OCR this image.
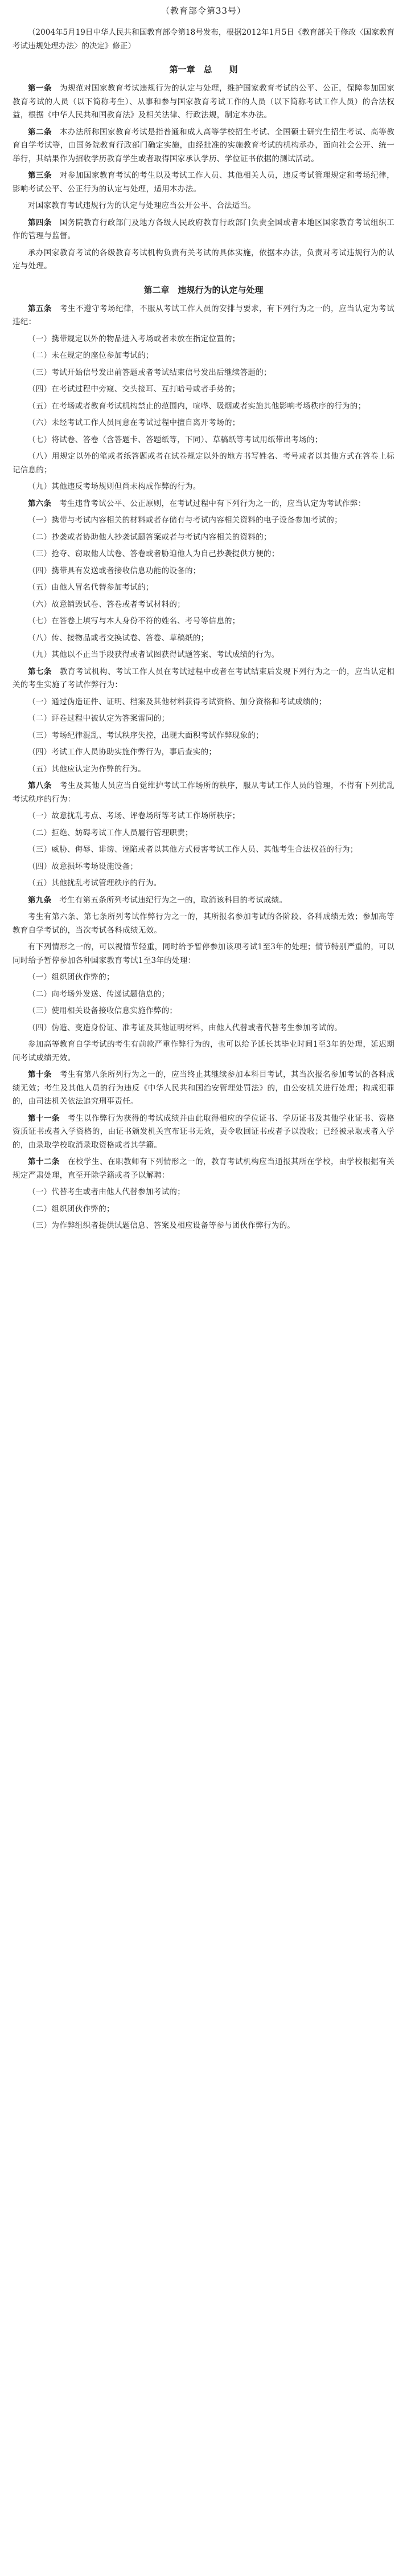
（教育部令第33号）
（2004年5月19日中华人民共和国教育部令第18号发布，根据2012年1月5日《教育部关于修改〈国家教育考试违规处理办法〉的决定》修正）
第一章　总　　则
第一条　为规范对国家教育考试违规行为的认定与处理，维护国家教育考试的公平、公正，保障参加国家教育考试的人员（以下简称考生）、从事和参与国家教育考试工作的人员（以下简称考试工作人员）的合法权益，根据《中华人民共和国教育法》及相关法律、行政法规，制定本办法。
第二条　本办法所称国家教育考试是指普通和成人高等学校招生考试、全国硕士研究生招生考试、高等教育自学考试等，由国务院教育行政部门确定实施，由经批准的实施教育考试的机构承办，面向社会公开、统一举行，其结果作为招收学历教育学生或者取得国家承认学历、学位证书依据的测试活动。
第三条　对参加国家教育考试的考生以及考试工作人员、其他相关人员，违反考试管理规定和考场纪律，影响考试公平、公正行为的认定与处理，适用本办法。
对国家教育考试违规行为的认定与处理应当公开公平、合法适当。
第四条　国务院教育行政部门及地方各级人民政府教育行政部门负责全国或者本地区国家教育考试组织工作的管理与监督。
承办国家教育考试的各级教育考试机构负责有关考试的具体实施，依据本办法，负责对考试违规行为的认定与处理。
第二章　违规行为的认定与处理
第五条　考生不遵守考场纪律，不服从考试工作人员的安排与要求，有下列行为之一的，应当认定为考试违纪：
（一）携带规定以外的物品进入考场或者未放在指定位置的；
（二）未在规定的座位参加考试的；
（三）考试开始信号发出前答题或者考试结束信号发出后继续答题的；
（四）在考试过程中旁窥、交头接耳、互打暗号或者手势的；
（五）在考场或者教育考试机构禁止的范围内，喧哗、吸烟或者实施其他影响考场秩序的行为的；
（六）未经考试工作人员同意在考试过程中擅自离开考场的；
（七）将试卷、答卷（含答题卡、答题纸等，下同）、草稿纸等考试用纸带出考场的；
（八）用规定以外的笔或者纸答题或者在试卷规定以外的地方书写姓名、考号或者以其他方式在答卷上标记信息的；
（九）其他违反考场规则但尚未构成作弊的行为。
第六条　考生违背考试公平、公正原则，在考试过程中有下列行为之一的，应当认定为考试作弊：
（一）携带与考试内容相关的材料或者存储有与考试内容相关资料的电子设备参加考试的；
（二）抄袭或者协助他人抄袭试题答案或者与考试内容相关的资料的；
（三）抢夺、窃取他人试卷、答卷或者胁迫他人为自己抄袭提供方便的；
（四）携带具有发送或者接收信息功能的设备的；
（五）由他人冒名代替参加考试的；
（六）故意销毁试卷、答卷或者考试材料的；
（七）在答卷上填写与本人身份不符的姓名、考号等信息的；
（八）传、接物品或者交换试卷、答卷、草稿纸的；
（九）其他以不正当手段获得或者试图获得试题答案、考试成绩的行为。
第七条　教育考试机构、考试工作人员在考试过程中或者在考试结束后发现下列行为之一的，应当认定相关的考生实施了考试作弊行为：
（一）通过伪造证件、证明、档案及其他材料获得考试资格、加分资格和考试成绩的；
（二）评卷过程中被认定为答案雷同的；
（三）考场纪律混乱、考试秩序失控，出现大面积考试作弊现象的；
（四）考试工作人员协助实施作弊行为，事后查实的；
（五）其他应认定为作弊的行为。
第八条　考生及其他人员应当自觉维护考试工作场所的秩序，服从考试工作人员的管理，不得有下列扰乱考试秩序的行为：
（一）故意扰乱考点、考场、评卷场所等考试工作场所秩序；
（二）拒绝、妨碍考试工作人员履行管理职责；
（三）威胁、侮辱、诽谤、诬陷或者以其他方式侵害考试工作人员、其他考生合法权益的行为；
（四）故意损坏考场设施设备；
（五）其他扰乱考试管理秩序的行为。
第九条　考生有第五条所列考试违纪行为之一的，取消该科目的考试成绩。
考生有第六条、第七条所列考试作弊行为之一的，其所报名参加考试的各阶段、各科成绩无效；参加高等教育自学考试的，当次考试各科成绩无效。
有下列情形之一的，可以视情节轻重，同时给予暂停参加该项考试1至3年的处理；情节特别严重的，可以同时给予暂停参加各种国家教育考试1至3年的处理：
（一）组织团伙作弊的；
（二）向考场外发送、传递试题信息的；
（三）使用相关设备接收信息实施作弊的；
（四）伪造、变造身份证、准考证及其他证明材料，由他人代替或者代替考生参加考试的。
参加高等教育自学考试的考生有前款严重作弊行为的，也可以给予延长其毕业时间1至3年的处理，延迟期间考试成绩无效。
第十条　考生有第八条所列行为之一的，应当终止其继续参加本科目考试，其当次报名参加考试的各科成绩无效；考生及其他人员的行为违反《中华人民共和国治安管理处罚法》的，由公安机关进行处理；构成犯罪的，由司法机关依法追究刑事责任。
第十一条　考生以作弊行为获得的考试成绩并由此取得相应的学位证书、学历证书及其他学业证书、资格资质证书或者入学资格的，由证书颁发机关宣布证书无效，责令收回证书或者予以没收；已经被录取或者入学的，由录取学校取消录取资格或者其学籍。
第十二条　在校学生、在职教师有下列情形之一的，教育考试机构应当通报其所在学校，由学校根据有关规定严肃处理，直至开除学籍或者予以解聘：
（一）代替考生或者由他人代替参加考试的；
（二）组织团伙作弊的；
（三）为作弊组织者提供试题信息、答案及相应设备等参与团伙作弊行为的。
